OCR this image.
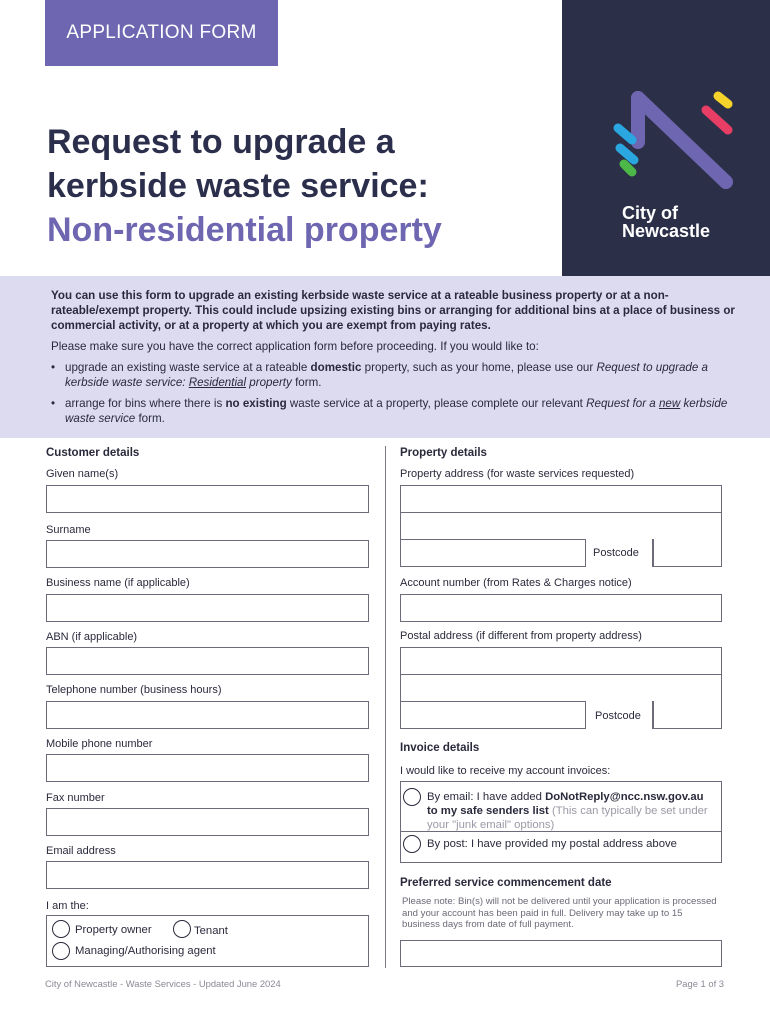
APPLICATION FORM
Request to upgrade a
kerbside waste service:
Non-residential property	City of
Newcastle

You can use this form to upgrade an existing kerbside waste service at a rateable business property or at a non-rateable/exempt property. This could include upsizing existing bins or arranging for additional bins at a place of business or commercial activity, or at a property at which you are exempt from paying rates.

Please make sure you have the correct application form before proceeding. If you would like to:

• upgrade an existing waste service at a rateable domestic property, such as your home, please use our Request to upgrade a kerbside waste service: Residential property form.
• arrange for bins where there is no existing waste service at a property, please complete our relevant Request for a new kerbside waste service form.
Customer details
Given name(s)
Surname
Business name (if applicable)
ABN (if applicable)
Telephone number (business hours)
Mobile phone number
Fax number
Email address
I am the:
Property owner	Tenant
Managing/Authorising agent
Property details
Property address (for waste services requested)
Postcode
Account number (from Rates & Charges notice)
Postal address (if different from property address)
Postcode
Invoice details
I would like to receive my account invoices:
By email: I have added DoNotReply@ncc.nsw.gov.au
to my safe senders list (This can typically be set under your "junk email" options)
By post: I have provided my postal address above
Preferred service commencement date
Please note: Bin(s) will not be delivered until your application is processed and your account has been paid in full. Delivery may take up to 15 business days from date of full payment.
City of Newcastle - Waste Services - Updated June 2024	Page 1 of 3
